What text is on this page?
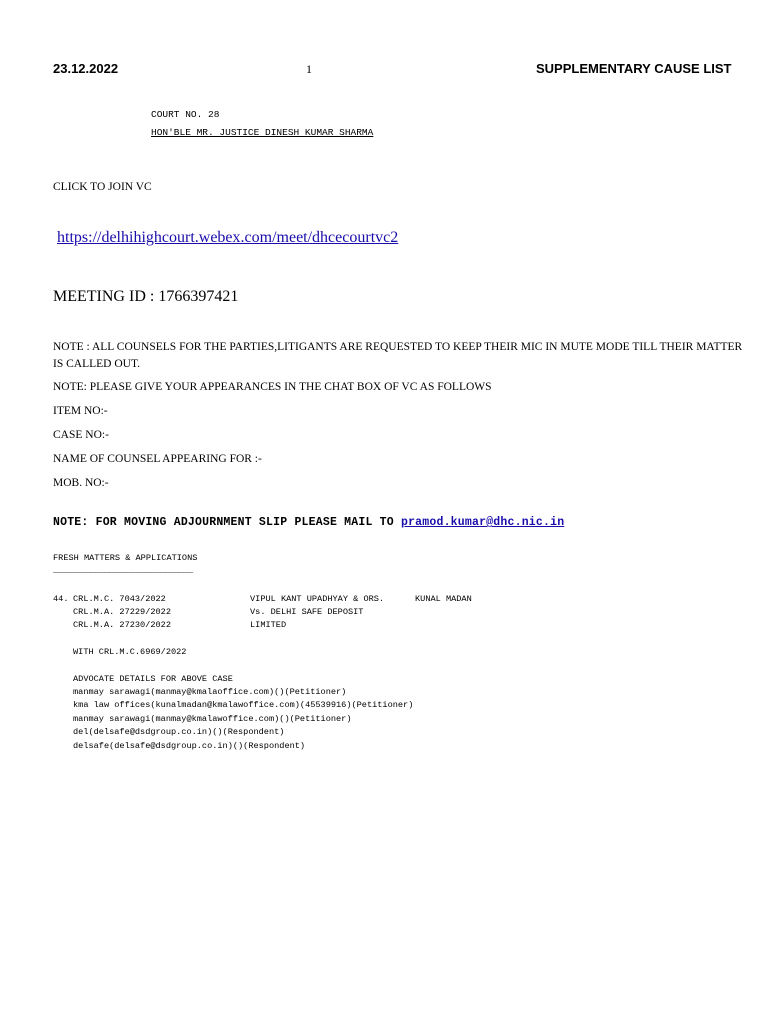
23.12.2022	1	SUPPLEMENTARY CAUSE LIST
COURT NO. 28
HON'BLE MR. JUSTICE DINESH KUMAR SHARMA
CLICK TO JOIN VC
https://delhihighcourt.webex.com/meet/dhcecourtvc2
MEETING ID : 1766397421
NOTE : ALL COUNSELS FOR THE PARTIES,LITIGANTS ARE REQUESTED TO KEEP THEIR MIC IN MUTE MODE TILL THEIR MATTER
IS CALLED OUT.
NOTE: PLEASE GIVE YOUR APPEARANCES IN THE CHAT BOX OF VC AS FOLLOWS
ITEM NO:-
CASE NO:-
NAME OF COUNSEL APPEARING FOR :-
MOB. NO:-
NOTE: FOR MOVING ADJOURNMENT SLIP PLEASE MAIL TO pramod.kumar@dhc.nic.in
FRESH MATTERS & APPLICATIONS
______________________________
44. CRL.M.C. 7043/2022
CRL.M.A. 27229/2022
CRL.M.A. 27230/2022
VIPUL KANT UPADHYAY & ORS.
Vs. DELHI SAFE DEPOSIT
LIMITED
KUNAL MADAN
WITH CRL.M.C.6969/2022
ADVOCATE DETAILS FOR ABOVE CASE
manmay sarawagi(manmay@kmalaoffice.com)()(Petitioner)
kma law offices(kunalmadan@kmalawoffice.com)(45539916)(Petitioner)
manmay sarawagi(manmay@kmalawoffice.com)()(Petitioner)
del(delsafe@dsdgroup.co.in)()(Respondent)
delsafe(delsafe@dsdgroup.co.in)()(Respondent)
